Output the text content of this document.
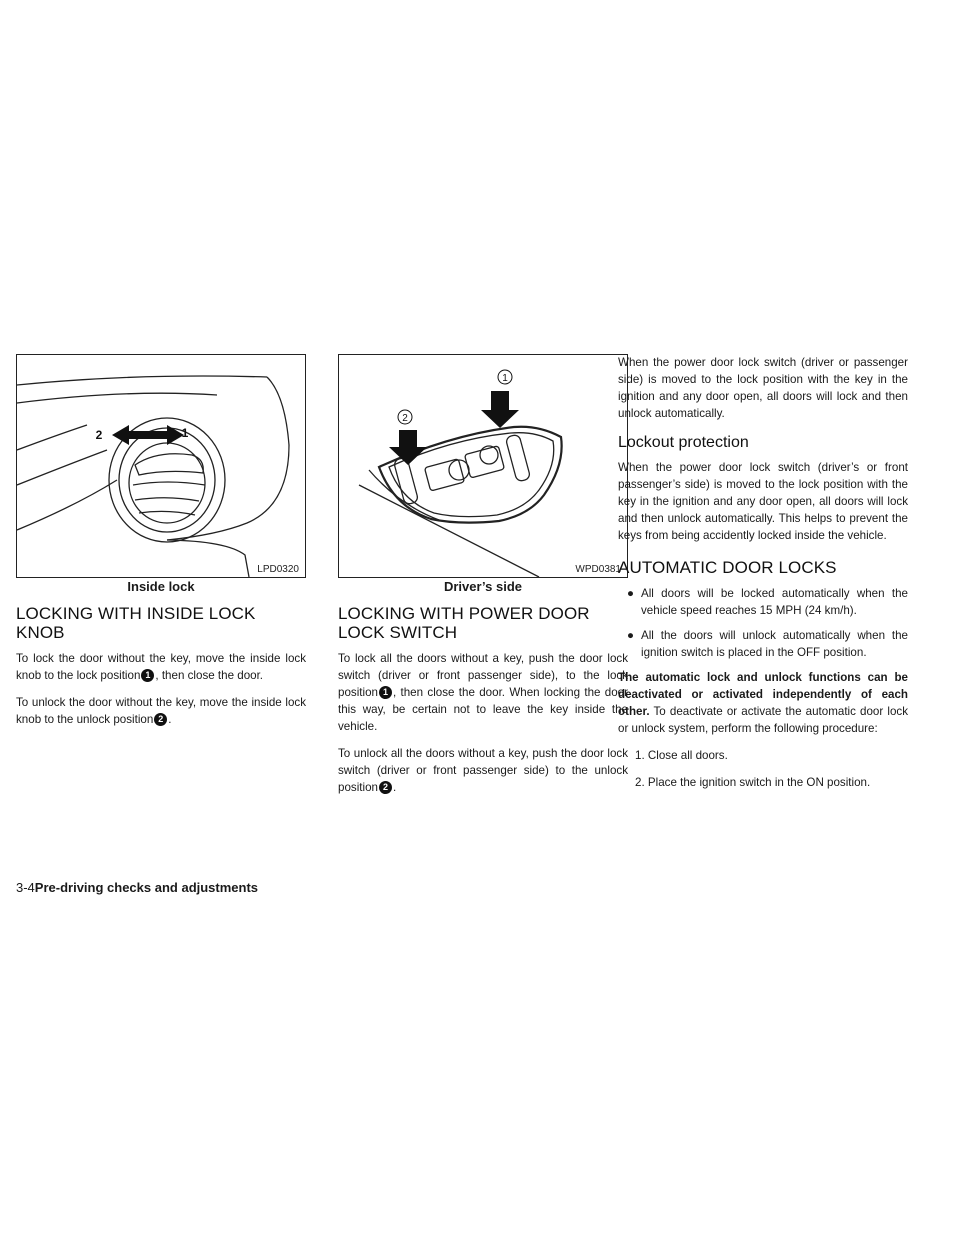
2	1
LPD0320
Inside lock
LOCKING WITH INSIDE LOCK KNOB

To lock the door without the key, move the inside lock knob to the lock position 1 , then close the door.

To unlock the door without the key, move the inside lock knob to the unlock position 2 .

2
1
WPD0381
Driver’s side
LOCKING WITH POWER DOOR LOCK SWITCH

To lock all the doors without a key, push the door lock switch (driver or front passenger side), to the lock position 1 , then close the door. When locking the door this way, be certain not to leave the key inside the vehicle.

To unlock all the doors without a key, push the door lock switch (driver or front passenger side) to the unlock position 2 .

When the power door lock switch (driver or passenger side) is moved to the lock position with the key in the ignition and any door open, all doors will lock and then unlock automatically.

Lockout protection

When the power door lock switch (driver’s or front passenger’s side) is moved to the lock position with the key in the ignition and any door open, all doors will lock and then unlock automatically. This helps to prevent the keys from being accidently locked inside the vehicle.

AUTOMATIC DOOR LOCKS
● All doors will be locked automatically when the vehicle speed reaches 15 MPH (24 km/h).
● All the doors will unlock automatically when the ignition switch is placed in the OFF position.

The automatic lock and unlock functions can be deactivated or activated independently of each other. To deactivate or activate the automatic door lock or unlock system, perform the following procedure:

1. Close all doors.
2. Place the ignition switch in the ON position.
3-4Pre-driving checks and adjustments
